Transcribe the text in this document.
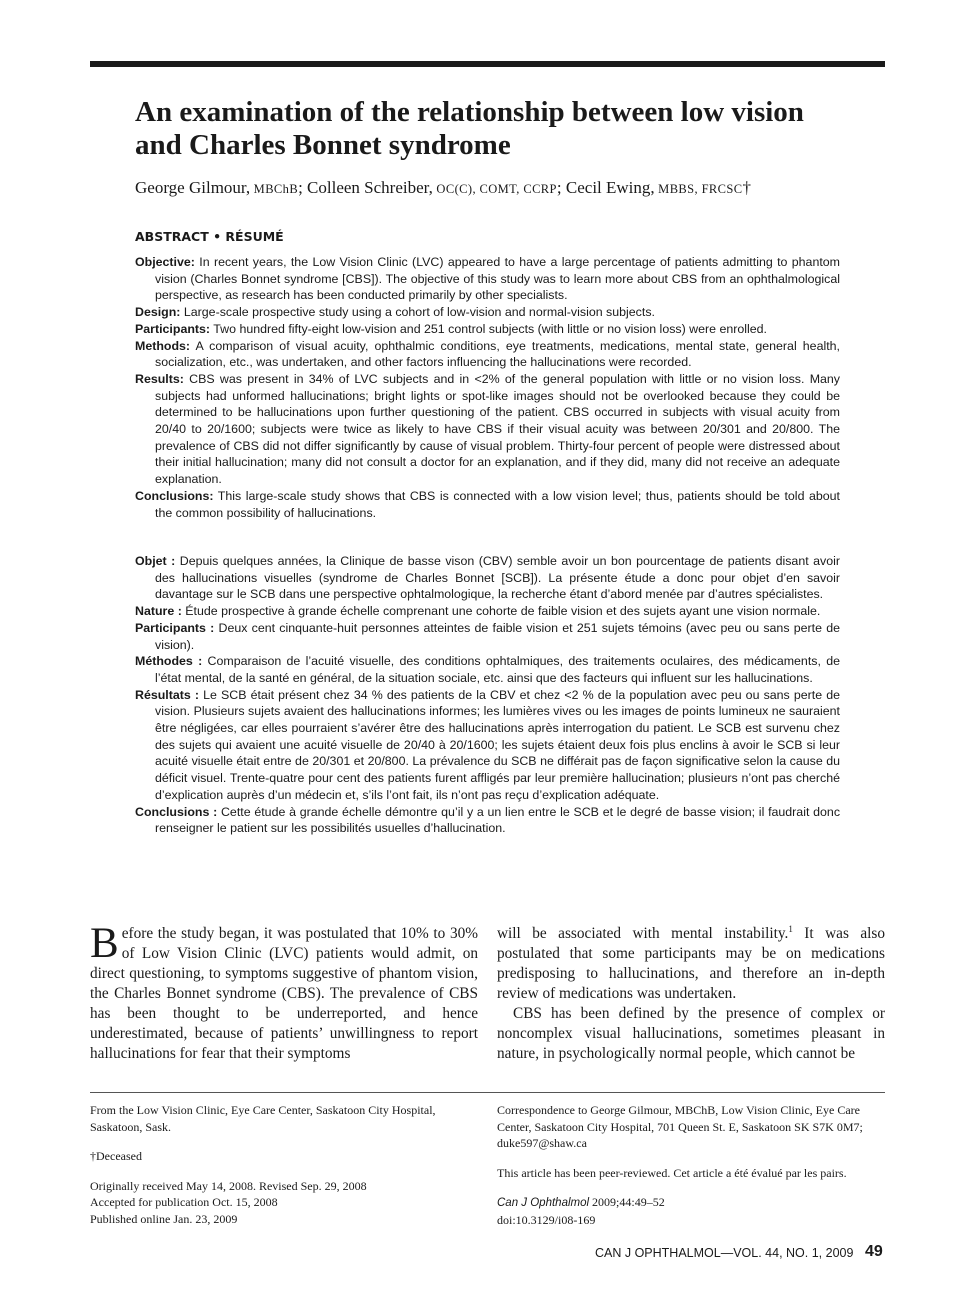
An examination of the relationship between low vision
and Charles Bonnet syndrome
George Gilmour, MBChB; Colleen Schreiber, OC(C), COMT, CCRP; Cecil Ewing, MBBS, FRCSC†
ABSTRACT • RÉSUMÉ

Objective: In recent years, the Low Vision Clinic (LVC) appeared to have a large percentage of patients admitting to phantom vision (Charles Bonnet syndrome [CBS]). The objective of this study was to learn more about CBS from an ophthalmological perspective, as research has been conducted primarily by other specialists.

Design: Large-scale prospective study using a cohort of low-vision and normal-vision subjects.

Participants: Two hundred fifty-eight low-vision and 251 control subjects (with little or no vision loss) were enrolled.

Methods: A comparison of visual acuity, ophthalmic conditions, eye treatments, medications, mental state, general health, socialization, etc., was undertaken, and other factors influencing the hallucinations were recorded.

Results: CBS was present in 34% of LVC subjects and in <2% of the general population with little or no vision loss. Many subjects had unformed hallucinations; bright lights or spot-like images should not be overlooked because they could be determined to be hallucinations upon further questioning of the patient. CBS occurred in subjects with visual acuity from 20/40 to 20/1600; subjects were twice as likely to have CBS if their visual acuity was between 20/301 and 20/800. The prevalence of CBS did not differ significantly by cause of visual problem. Thirty-four percent of people were distressed about their initial hallucination; many did not consult a doctor for an explanation, and if they did, many did not receive an adequate explanation.

Conclusions: This large-scale study shows that CBS is connected with a low vision level; thus, patients should be told about the common possibility of hallucinations.

Objet : Depuis quelques années, la Clinique de basse vison (CBV) semble avoir un bon pourcentage de patients disant avoir des hallucinations visuelles (syndrome de Charles Bonnet [SCB]). La présente étude a donc pour objet d’en savoir davantage sur le SCB dans une perspective ophtalmologique, la recherche étant d’abord menée par d’autres spécialistes.

Nature : Étude prospective à grande échelle comprenant une cohorte de faible vision et des sujets ayant une vision normale.

Participants : Deux cent cinquante-huit personnes atteintes de faible vision et 251 sujets témoins (avec peu ou sans perte de vision).

Méthodes : Comparaison de l’acuité visuelle, des conditions ophtalmiques, des traitements oculaires, des médicaments, de l’état mental, de la santé en général, de la situation sociale, etc. ainsi que des facteurs qui influent sur les hallucinations.

Résultats : Le SCB était présent chez 34 % des patients de la CBV et chez <2 % de la population avec peu ou sans perte de vision. Plusieurs sujets avaient des hallucinations informes; les lumières vives ou les images de points lumineux ne sauraient être négligées, car elles pourraient s’avérer être des hallucinations après interrogation du patient. Le SCB est survenu chez des sujets qui avaient une acuité visuelle de 20/40 à 20/1600; les sujets étaient deux fois plus enclins à avoir le SCB si leur acuité visuelle était entre de 20/301 et 20/800. La prévalence du SCB ne différait pas de façon significative selon la cause du déficit visuel. Trente-quatre pour cent des patients furent affligés par leur première hallucination; plusieurs n’ont pas cherché d’explication auprès d’un médecin et, s’ils l’ont fait, ils n’ont pas reçu d’explication adéquate.

Conclusions : Cette étude à grande échelle démontre qu’il y a un lien entre le SCB et le degré de basse vision; il faudrait donc renseigner le patient sur les possibilités usuelles d’hallucination.

Before the study began, it was postulated that 10% to 30% of Low Vision Clinic (LVC) patients would admit, on direct questioning, to symptoms suggestive of phantom vision, the Charles Bonnet syndrome (CBS). The prevalence of CBS has been thought to be underreported, and hence underestimated, because of patients’ unwillingness to report hallucinations for fear that their symptoms

will be associated with mental instability.$^1$ It was also postulated that some participants may be on medications predisposing to hallucinations, and therefore an in-depth review of medications was undertaken.

CBS has been defined by the presence of complex or noncomplex visual hallucinations, sometimes pleasant in nature, in psychologically normal people, which cannot be

From the Low Vision Clinic, Eye Care Center, Saskatoon City Hospital, Saskatoon, Sask.

†Deceased

Originally received May 14, 2008. Revised Sep. 29, 2008
Accepted for publication Oct. 15, 2008
Published online Jan. 23, 2009

Correspondence to George Gilmour, MBChB, Low Vision Clinic, Eye Care Center, Saskatoon City Hospital, 701 Queen St. E, Saskatoon SK S7K 0M7; duke597@shaw.ca

This article has been peer-reviewed. Cet article a été évalué par les pairs.

Can J Ophthalmol 2009;44:49–52
doi:10.3129/i08-169

CAN J OPHTHALMOL—VOL. 44, NO. 1, 2009 49
